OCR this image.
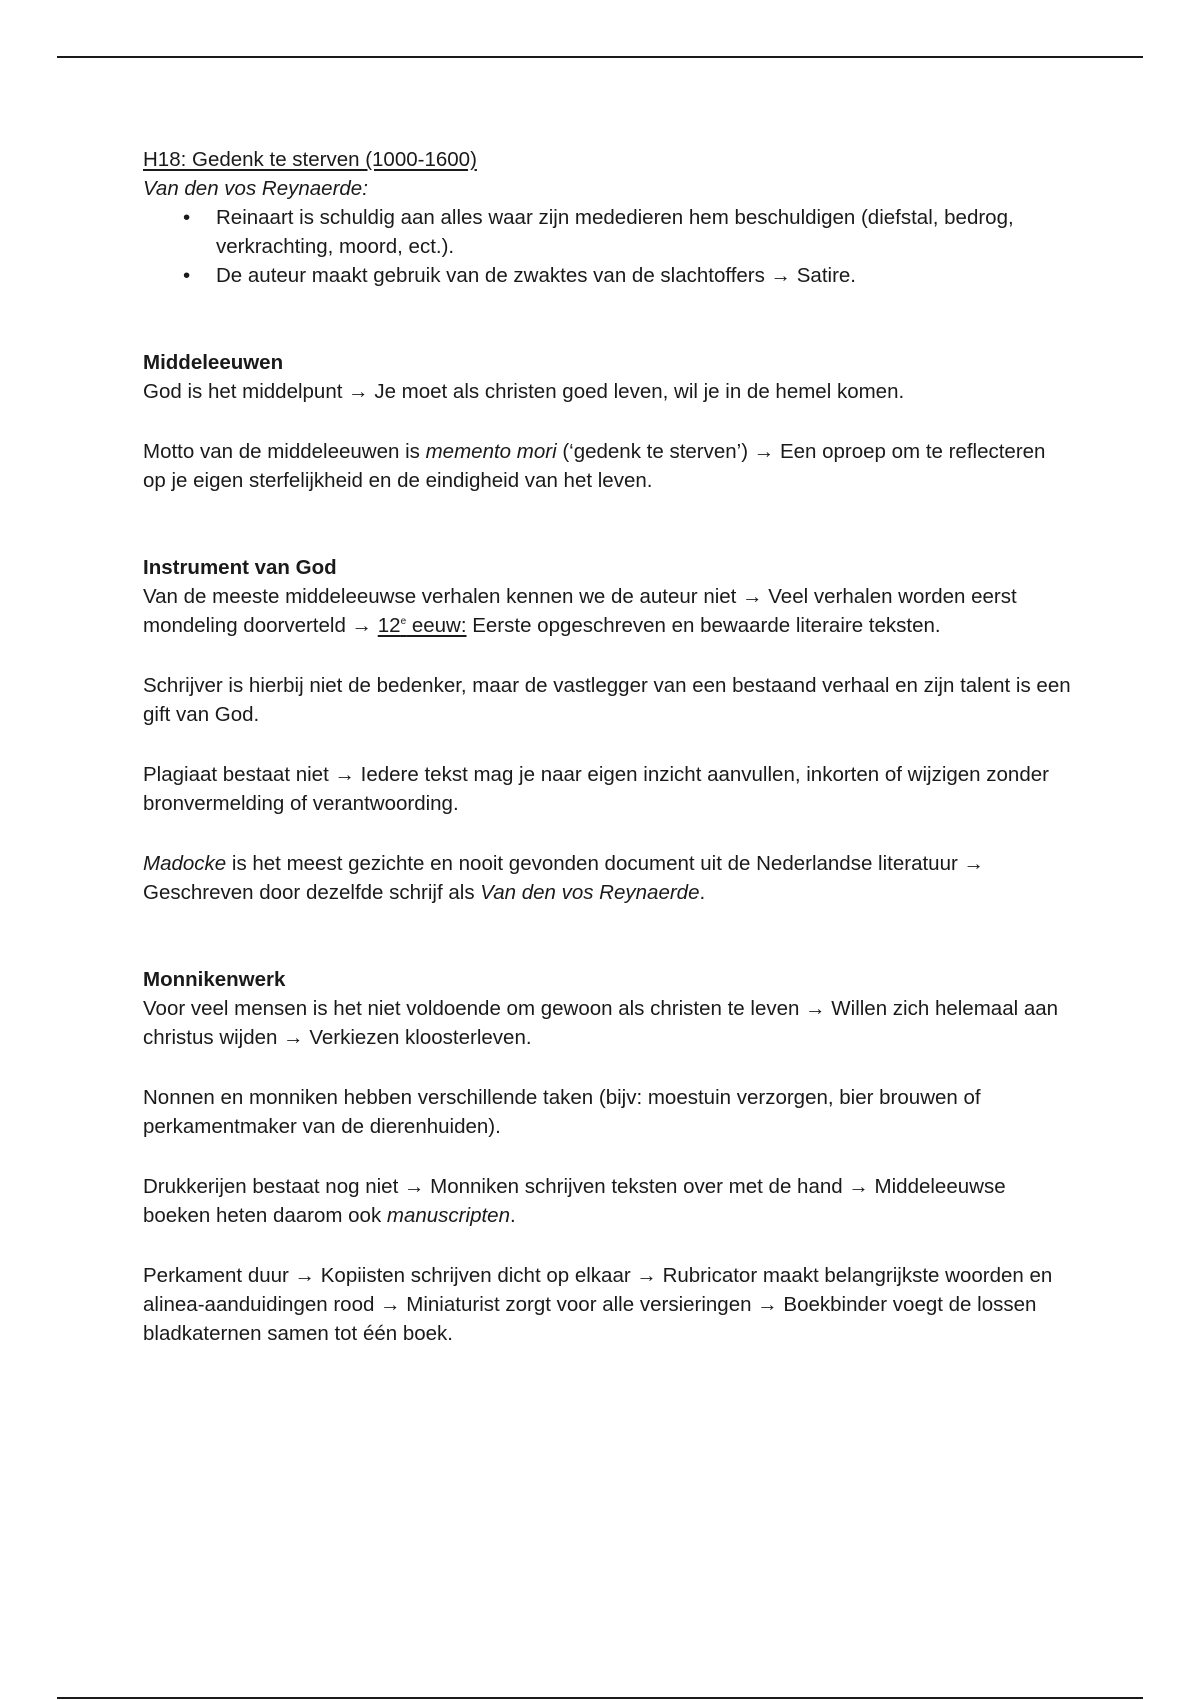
H18: Gedenk te sterven (1000-1600)

Van den vos Reynaerde:

• Reinaart is schuldig aan alles waar zijn mededieren hem beschuldigen (diefstal, bedrog, verkrachting, moord, ect.).
• De auteur maakt gebruik van de zwaktes van de slachtoffers → Satire.

Middeleeuwen

God is het middelpunt → Je moet als christen goed leven, wil je in de hemel komen.

Motto van de middeleeuwen is memento mori (‘gedenk te sterven’) → Een oproep om te reflecteren op je eigen sterfelijkheid en de eindigheid van het leven.

Instrument van God

Van de meeste middeleeuwse verhalen kennen we de auteur niet → Veel verhalen worden eerst mondeling doorverteld → $12^e$ eeuw: Eerste opgeschreven en bewaarde literaire teksten.

Schrijver is hierbij niet de bedenker, maar de vastlegger van een bestaand verhaal en zijn talent is een gift van God.

Plagiaat bestaat niet → Iedere tekst mag je naar eigen inzicht aanvullen, inkorten of wijzigen zonder bronvermelding of verantwoording.

Madocke is het meest gezichte en nooit gevonden document uit de Nederlandse literatuur → Geschreven door dezelfde schrijf als Van den vos Reynaerde.

Monnikenwerk

Voor veel mensen is het niet voldoende om gewoon als christen te leven → Willen zich helemaal aan christus wijden → Verkiezen kloosterleven.

Nonnen en monniken hebben verschillende taken (bijv: moestuin verzorgen, bier brouwen of perkamentmaker van de dierenhuiden).

Drukkerijen bestaat nog niet → Monniken schrijven teksten over met de hand → Middeleeuwse boeken heten daarom ook manuscripten.

Perkament duur → Kopiisten schrijven dicht op elkaar → Rubricator maakt belangrijkste woorden en alinea-aanduidingen rood → Miniaturist zorgt voor alle versieringen → Boekbinder voegt de lossen bladkaternen samen tot één boek.
